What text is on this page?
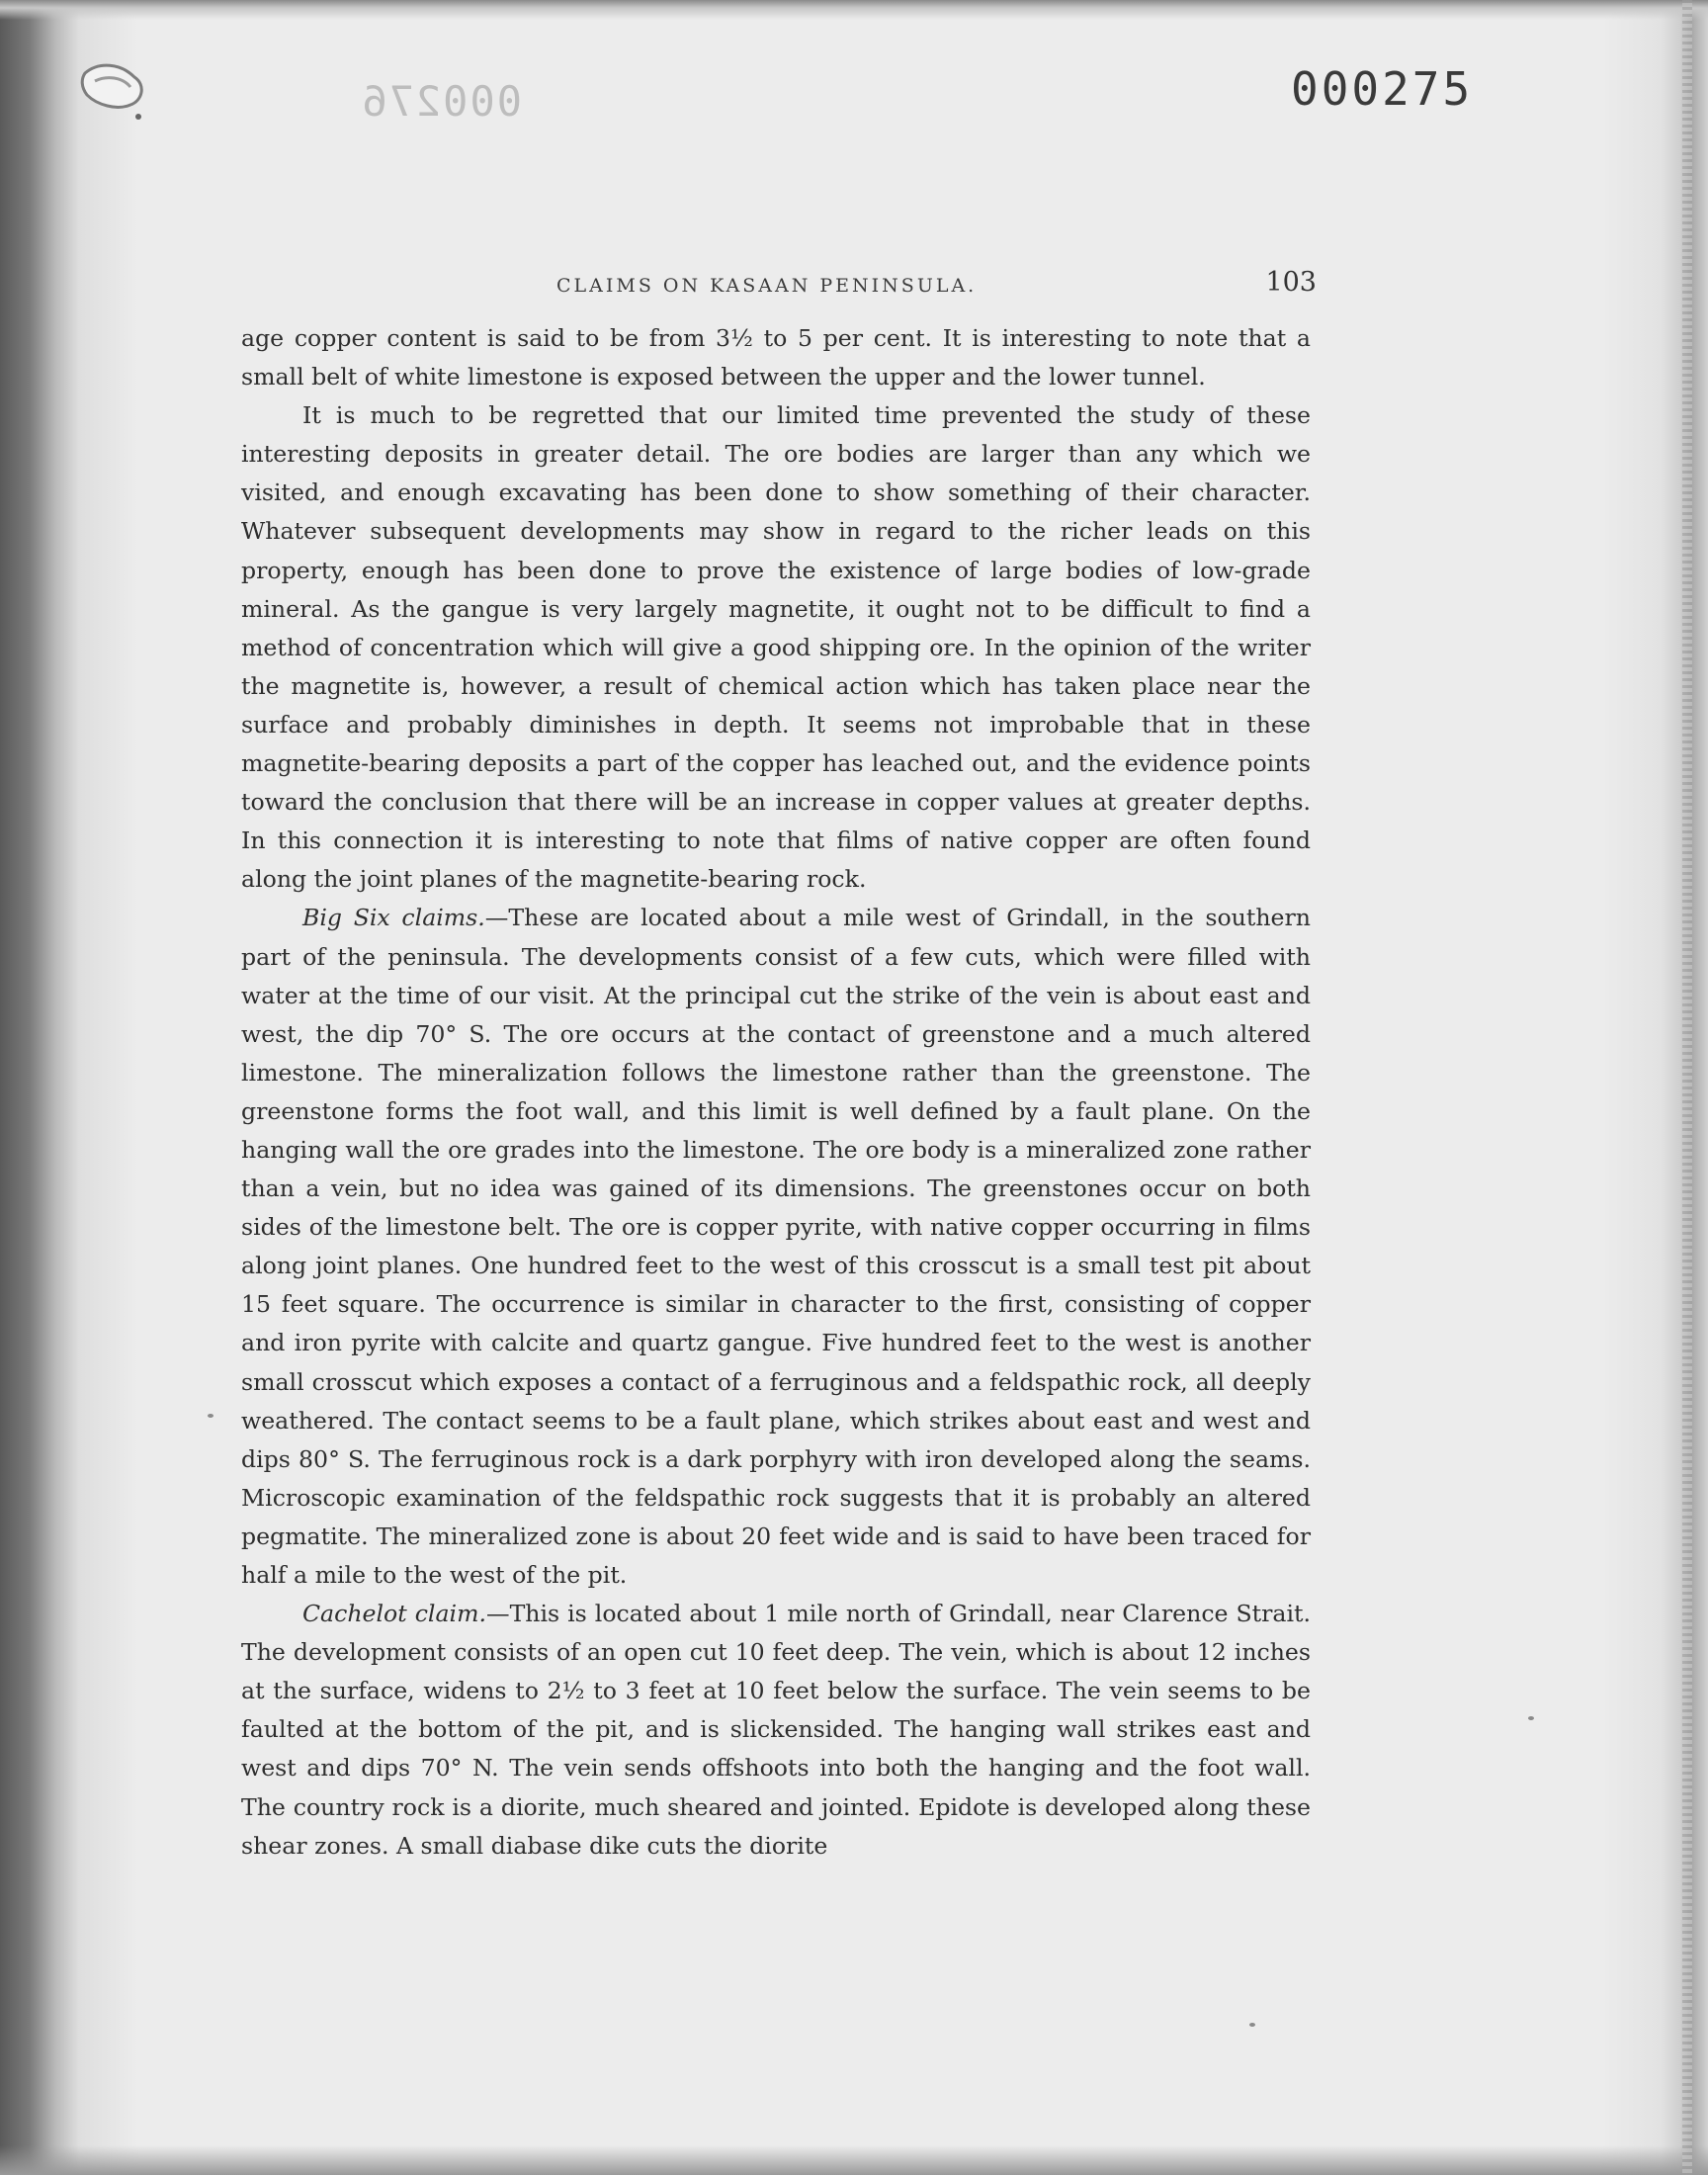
000276	000275
CLAIMS ON KASAAN PENINSULA.	103

age copper content is said to be from 3½ to 5 per cent. It is interesting to note that a small belt of white limestone is exposed between the upper and the lower tunnel.

It is much to be regretted that our limited time prevented the study of these interesting deposits in greater detail. The ore bodies are larger than any which we visited, and enough excavating has been done to show something of their character. Whatever subsequent developments may show in regard to the richer leads on this property, enough has been done to prove the existence of large bodies of low-grade mineral. As the gangue is very largely magnetite, it ought not to be difficult to find a method of concentration which will give a good shipping ore. In the opinion of the writer the magnetite is, however, a result of chemical action which has taken place near the surface and probably diminishes in depth. It seems not improbable that in these magnetite-bearing deposits a part of the copper has leached out, and the evidence points toward the conclusion that there will be an increase in copper values at greater depths. In this connection it is interesting to note that films of native copper are often found along the joint planes of the magnetite-bearing rock.

Big Six claims.—These are located about a mile west of Grindall, in the southern part of the peninsula. The developments consist of a few cuts, which were filled with water at the time of our visit. At the principal cut the strike of the vein is about east and west, the dip 70° S. The ore occurs at the contact of greenstone and a much altered limestone. The mineralization follows the limestone rather than the greenstone. The greenstone forms the foot wall, and this limit is well defined by a fault plane. On the hanging wall the ore grades into the limestone. The ore body is a mineralized zone rather than a vein, but no idea was gained of its dimensions. The greenstones occur on both sides of the limestone belt. The ore is copper pyrite, with native copper occurring in films along joint planes. One hundred feet to the west of this crosscut is a small test pit about 15 feet square. The occurrence is similar in character to the first, consisting of copper and iron pyrite with calcite and quartz gangue. Five hundred feet to the west is another small crosscut which exposes a contact of a ferruginous and a feldspathic rock, all deeply weathered. The contact seems to be a fault plane, which strikes about east and west and dips 80° S. The ferruginous rock is a dark porphyry with iron developed along the seams. Microscopic examination of the feldspathic rock suggests that it is probably an altered pegmatite. The mineralized zone is about 20 feet wide and is said to have been traced for half a mile to the west of the pit.

Cachelot claim.—This is located about 1 mile north of Grindall, near Clarence Strait. The development consists of an open cut 10 feet deep. The vein, which is about 12 inches at the surface, widens to 2½ to 3 feet at 10 feet below the surface. The vein seems to be faulted at the bottom of the pit, and is slickensided. The hanging wall strikes east and west and dips 70° N. The vein sends offshoots into both the hanging and the foot wall. The country rock is a diorite, much sheared and jointed. Epidote is developed along these shear zones. A small diabase dike cuts the diorite
